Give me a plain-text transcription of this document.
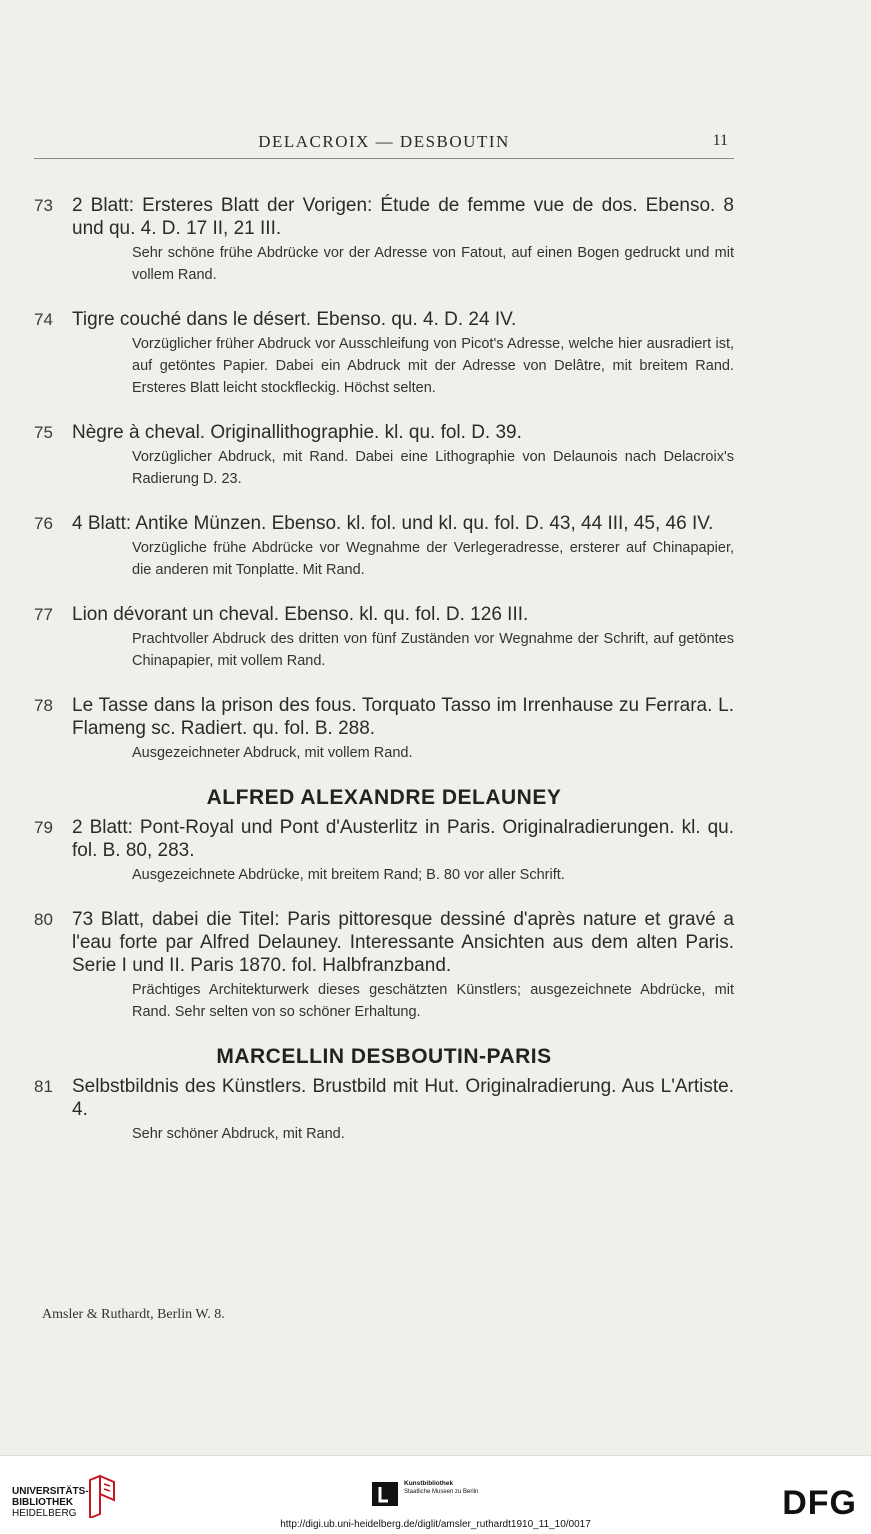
DELACROIX — DESBOUTIN	11
73 2 Blatt: Ersteres Blatt der Vorigen: Étude de femme vue de dos. Ebenso. 8 und qu. 4. D. 17 II, 21 III.
Sehr schöne frühe Abdrücke vor der Adresse von Fatout, auf einen Bogen gedruckt und mit vollem Rand.
74 Tigre couché dans le désert. Ebenso. qu. 4. D. 24 IV.
Vorzüglicher früher Abdruck vor Ausschleifung von Picot's Adresse, welche hier ausradiert ist, auf getöntes Papier. Dabei ein Abdruck mit der Adresse von Delâtre, mit breitem Rand. Ersteres Blatt leicht stockfleckig. Höchst selten.
75 Nègre à cheval. Originallithographie. kl. qu. fol. D. 39.
Vorzüglicher Abdruck, mit Rand. Dabei eine Lithographie von Delaunois nach Delacroix's Radierung D. 23.
76 4 Blatt: Antike Münzen. Ebenso. kl. fol. und kl. qu. fol. D. 43, 44 III, 45, 46 IV.
Vorzügliche frühe Abdrücke vor Wegnahme der Verlegeradresse, ersterer auf Chinapapier, die anderen mit Tonplatte. Mit Rand.
77 Lion dévorant un cheval. Ebenso. kl. qu. fol. D. 126 III.
Prachtvoller Abdruck des dritten von fünf Zuständen vor Wegnahme der Schrift, auf getöntes Chinapapier, mit vollem Rand.
78 Le Tasse dans la prison des fous. Torquato Tasso im Irrenhause zu Ferrara. L. Flameng sc. Radiert. qu. fol. B. 288.
Ausgezeichneter Abdruck, mit vollem Rand.
ALFRED ALEXANDRE DELAUNEY
79 2 Blatt: Pont-Royal und Pont d'Austerlitz in Paris. Originalradierungen. kl. qu. fol. B. 80, 283.
Ausgezeichnete Abdrücke, mit breitem Rand; B. 80 vor aller Schrift.
80 73 Blatt, dabei die Titel: Paris pittoresque dessiné d'après nature et gravé a l'eau forte par Alfred Delauney. Interessante Ansichten aus dem alten Paris. Serie I und II. Paris 1870. fol. Halbfranzband.
Prächtiges Architekturwerk dieses geschätzten Künstlers; ausgezeichnete Abdrücke, mit Rand. Sehr selten von so schöner Erhaltung.
MARCELLIN DESBOUTIN-PARIS
81 Selbstbildnis des Künstlers. Brustbild mit Hut. Originalradierung. Aus L'Artiste. 4.
Sehr schöner Abdruck, mit Rand.
Amsler & Ruthardt, Berlin W. 8.
UNIVERSITÄTS-
BIBLIOTHEK
HEIDELBERG
Kunstbibliothek
Staatliche Museen zu Berlin	DFG
http://digi.ub.uni-heidelberg.de/diglit/amsler_ruthardt1910_11_10/0017
